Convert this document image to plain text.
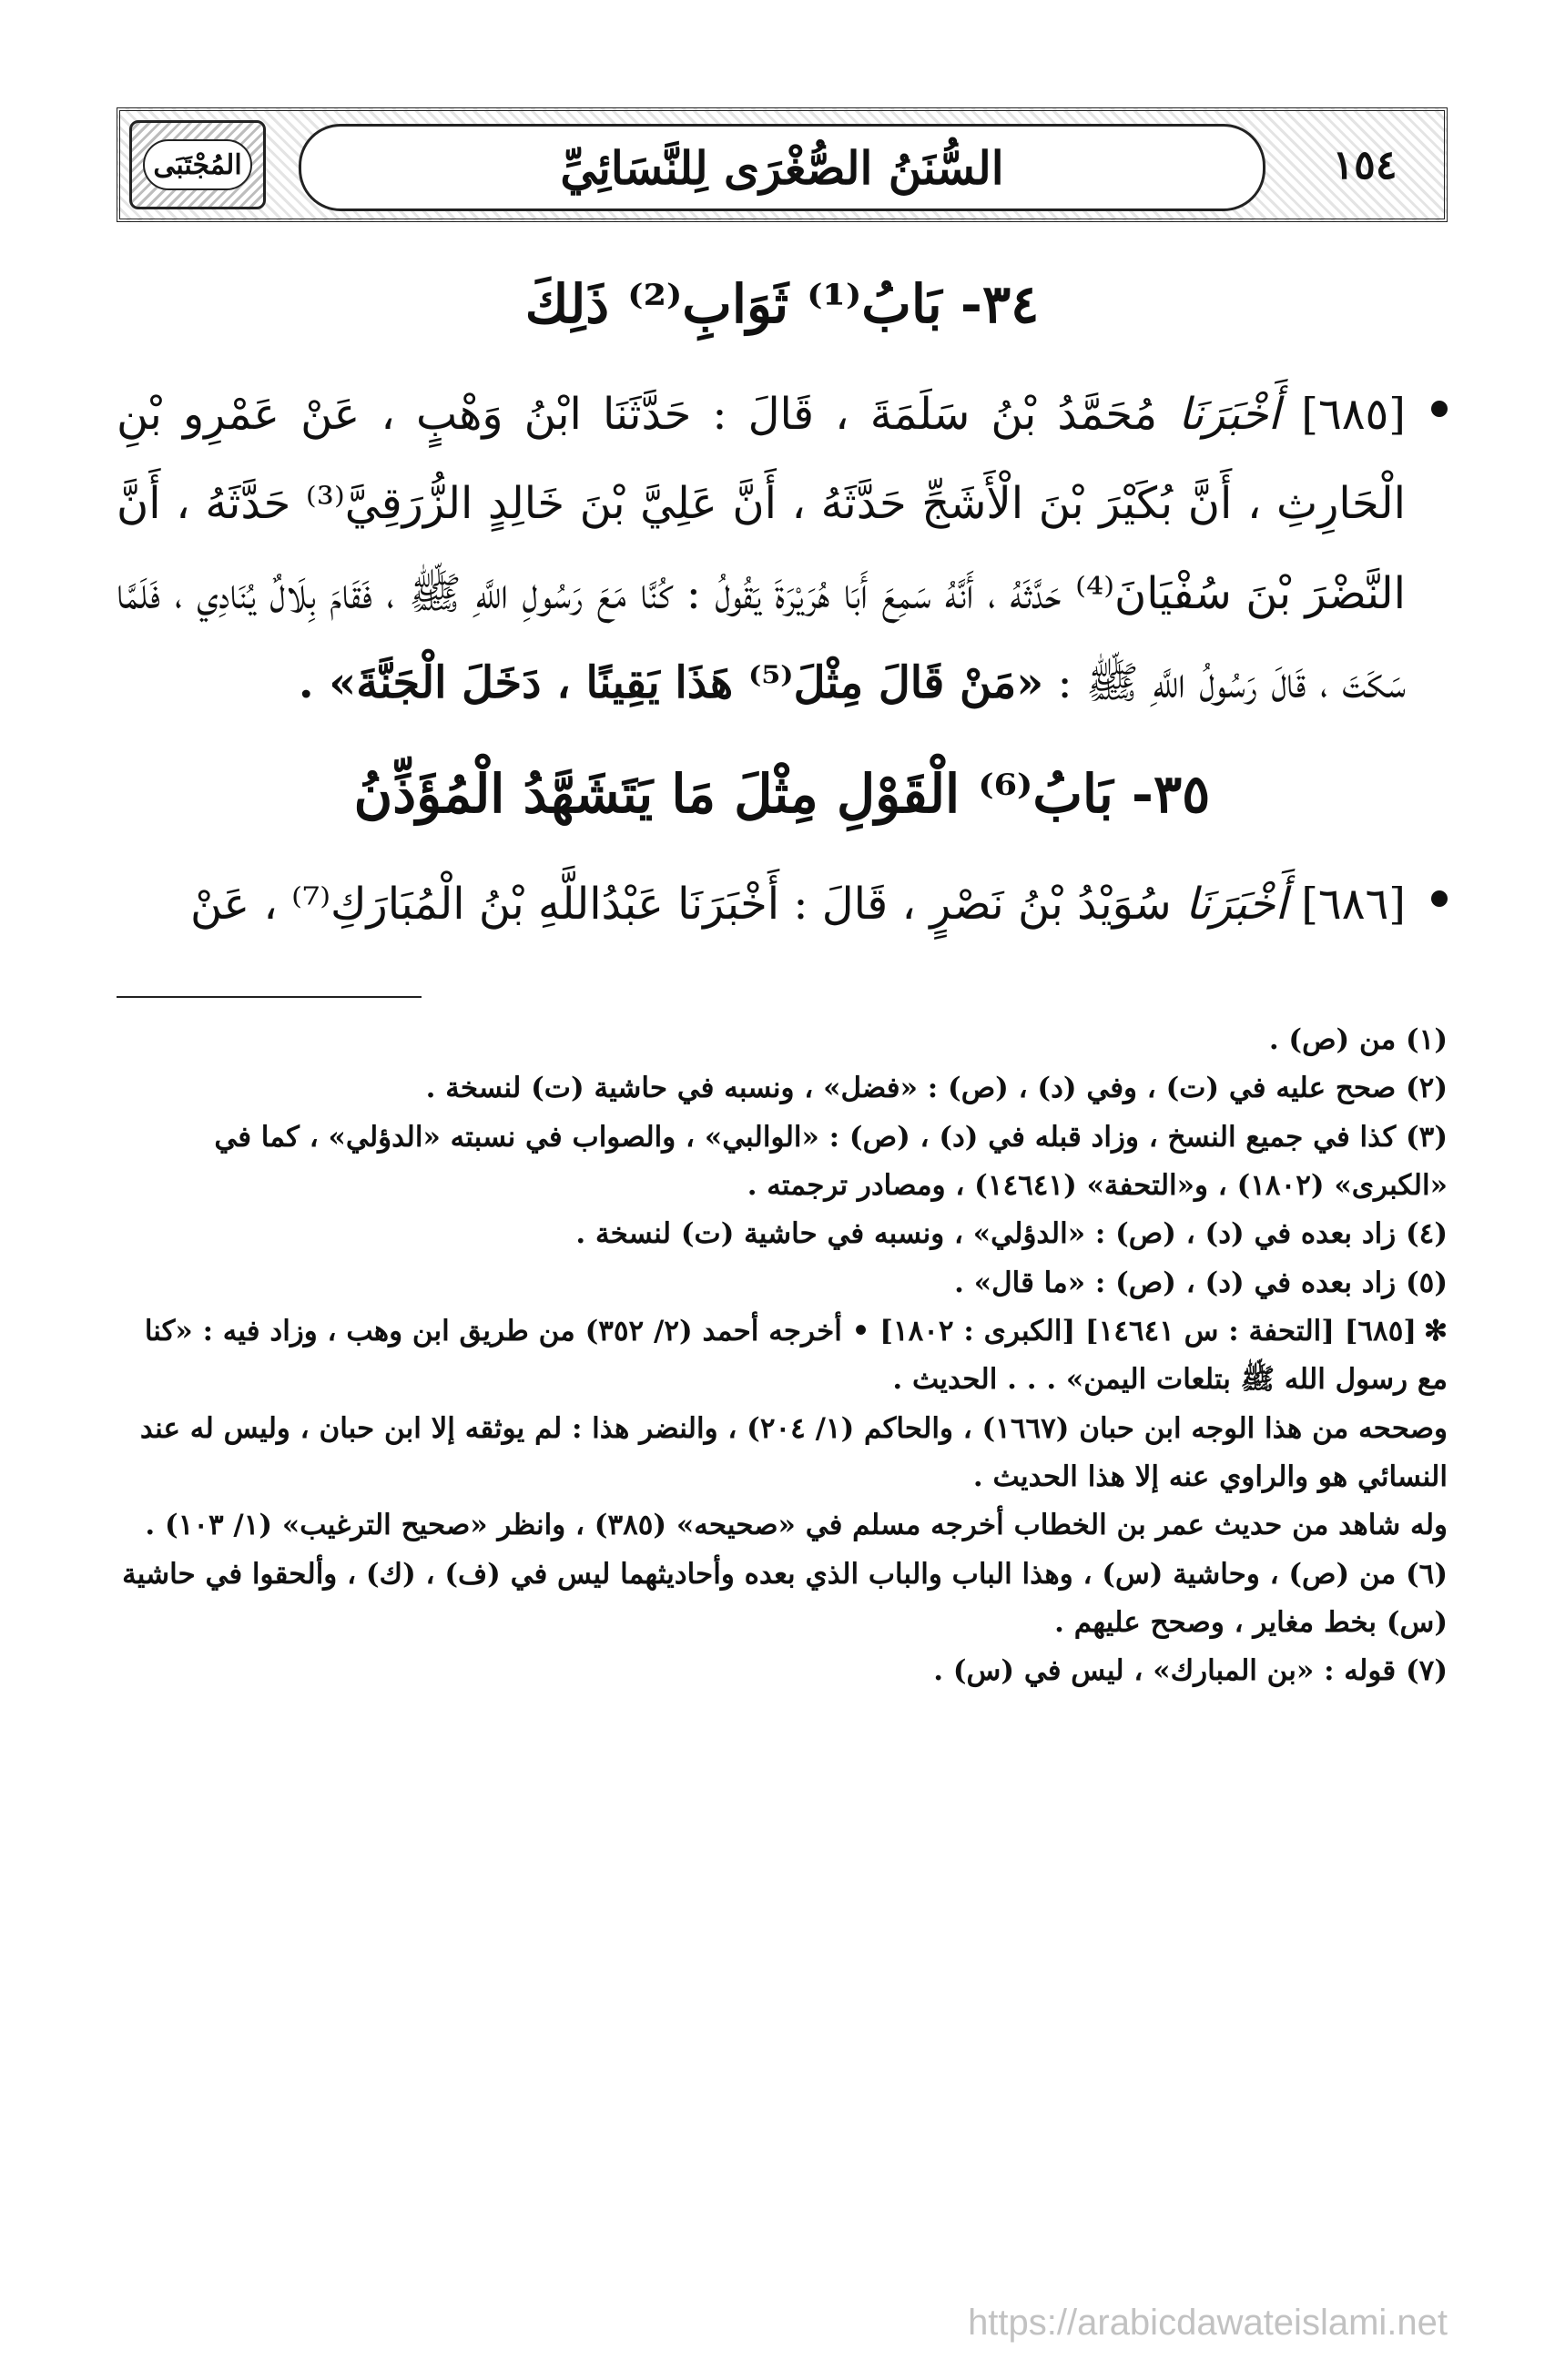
المُجْتَبَى	السُّنَنُ الصُّغْرَى لِلنَّسَائِيِّ	١٥٤
٣٤- بَابُ⁽¹⁾ ثَوَابِ⁽²⁾ ذَلِكَ

[٦٨٥] أَخْبَرَنَا مُحَمَّدُ بْنُ سَلَمَةَ ، قَالَ : حَدَّثَنَا ابْنُ وَهْبٍ ، عَنْ عَمْرِو بْنِ الْحَارِثِ ، أَنَّ بُكَيْرَ بْنَ الْأَشَجِّ حَدَّثَهُ ، أَنَّ عَلِيَّ بْنَ خَالِدٍ الزُّرَقِيَّ⁽³⁾ حَدَّثَهُ ، أَنَّ النَّضْرَ بْنَ سُفْيَانَ⁽⁴⁾ حَدَّثَهُ ، أَنَّهُ سَمِعَ أَبَا هُرَيْرَةَ يَقُولُ : كُنَّا مَعَ رَسُولِ اللَّهِ ﷺ ، فَقَامَ بِلَالٌ يُنَادِي ، فَلَمَّا سَكَتَ ، قَالَ رَسُولُ اللَّهِ ﷺ : «مَنْ قَالَ مِثْلَ⁽⁵⁾ هَذَا يَقِينًا ، دَخَلَ الْجَنَّةَ» .

٣٥- بَابُ⁽⁶⁾ الْقَوْلِ مِثْلَ مَا يَتَشَهَّدُ الْمُؤَذِّنُ

[٦٨٦] أَخْبَرَنَا سُوَيْدُ بْنُ نَصْرٍ ، قَالَ : أَخْبَرَنَا عَبْدُاللَّهِ بْنُ الْمُبَارَكِ⁽⁷⁾ ، عَنْ

(١) من (ص) .

(٢) صحح عليه في (ت) ، وفي (د) ، (ص) : «فضل» ، ونسبه في حاشية (ت) لنسخة .

(٣) كذا في جميع النسخ ، وزاد قبله في (د) ، (ص) : «الوالبي» ، والصواب في نسبته «الدؤلي» ، كما في «الكبرى» (١٨٠٢) ، و«التحفة» (١٤٦٤١) ، ومصادر ترجمته .

(٤) زاد بعده في (د) ، (ص) : «الدؤلي» ، ونسبه في حاشية (ت) لنسخة .

(٥) زاد بعده في (د) ، (ص) : «ما قال» .

✻[٦٨٥] [التحفة : س ١٤٦٤١] [الكبرى : ١٨٠٢] • أخرجه أحمد (٢/ ٣٥٢) من طريق ابن وهب ، وزاد فيه : «كنا مع رسول الله ﷺ بتلعات اليمن» . . . الحديث .

وصححه من هذا الوجه ابن حبان (١٦٦٧) ، والحاكم (١/ ٢٠٤) ، والنضر هذا : لم يوثقه إلا ابن حبان ، وليس له عند النسائي هو والراوي عنه إلا هذا الحديث .

وله شاهد من حديث عمر بن الخطاب أخرجه مسلم في «صحيحه» (٣٨٥) ، وانظر «صحيح الترغيب» (١/ ١٠٣) .

(٦) من (ص) ، وحاشية (س) ، وهذا الباب والباب الذي بعده وأحاديثهما ليس في (ف) ، (ك) ، وألحقوا في حاشية (س) بخط مغاير ، وصحح عليهم .

(٧) قوله : «بن المبارك» ، ليس في (س) .

https://arabicdawateislami.net
